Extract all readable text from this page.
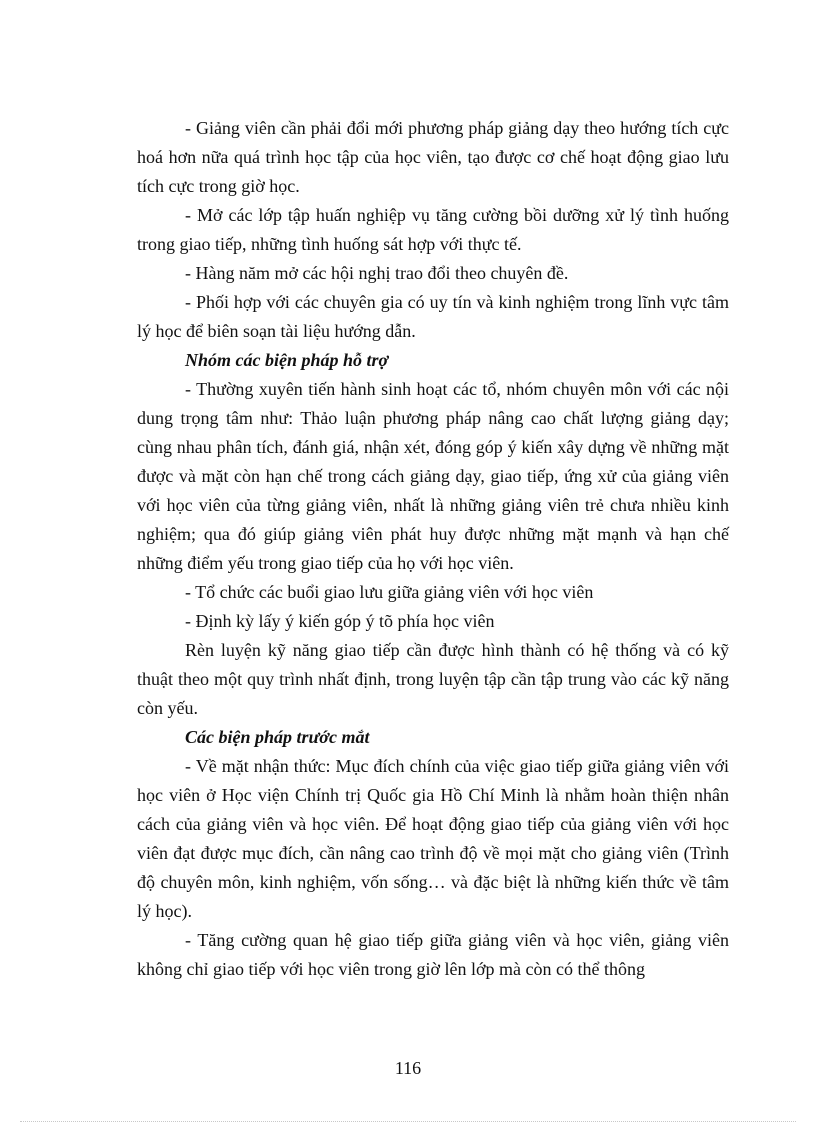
- Giảng viên cần phải đổi mới phương pháp giảng dạy theo hướng tích cực hoá hơn nữa quá trình học tập của học viên, tạo được cơ chế hoạt động giao lưu tích cực trong giờ học.

- Mở các lớp tập huấn nghiệp vụ tăng cường bồi dưỡng xử lý tình huống trong giao tiếp, những tình huống sát hợp với thực tế.

- Hàng năm mở các hội nghị trao đổi theo chuyên đề.

- Phối hợp với các chuyên gia có uy tín và kinh nghiệm trong lĩnh vực tâm lý học để biên soạn tài liệu hướng dẫn.

Nhóm các biện pháp hỗ trợ

- Thường xuyên tiến hành sinh hoạt các tổ, nhóm chuyên môn với các nội dung trọng tâm như: Thảo luận phương pháp nâng cao chất lượng giảng dạy; cùng nhau phân tích, đánh giá, nhận xét, đóng góp ý kiến xây dựng về những mặt được và mặt còn hạn chế trong cách giảng dạy, giao tiếp, ứng xử của giảng viên với học viên của từng giảng viên, nhất là những giảng viên trẻ chưa nhiều kinh nghiệm; qua đó giúp giảng viên phát huy được những mặt mạnh và hạn chế những điểm yếu trong giao tiếp của họ với học viên.

- Tổ chức các buổi giao lưu giữa giảng viên với học viên

- Định kỳ lấy ý kiến góp ý tõ phía học viên

Rèn luyện kỹ năng giao tiếp cần được hình thành có hệ thống và có kỹ thuật theo một quy trình nhất định, trong luyện tập cần tập trung vào các kỹ năng còn yếu.

Các biện pháp trước mắt

- Về mặt nhận thức: Mục đích chính của việc giao tiếp giữa giảng viên với học viên ở Học viện Chính trị Quốc gia Hồ Chí Minh là nhằm hoàn thiện nhân cách của giảng viên và học viên. Để hoạt động giao tiếp của giảng viên với học viên đạt được mục đích, cần nâng cao trình độ về mọi mặt cho giảng viên (Trình độ chuyên môn, kinh nghiệm, vốn sống… và đặc biệt là những kiến thức về tâm lý học).

- Tăng cường quan hệ giao tiếp giữa giảng viên và học viên, giảng viên không chỉ giao tiếp với học viên trong giờ lên lớp mà còn có thể thông

116
